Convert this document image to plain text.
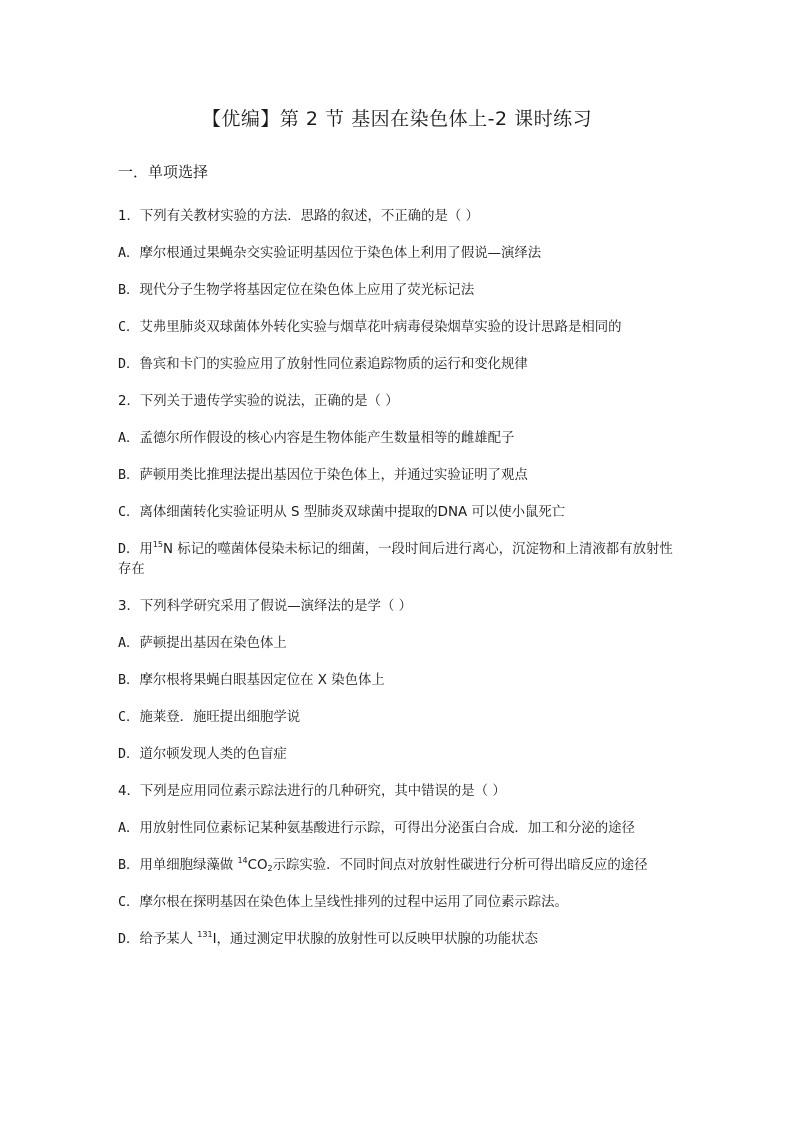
【优编】第 2 节 基因在染色体上-2 课时练习
一．单项选择

1．下列有关教材实验的方法．思路的叙述，不正确的是（ ）

A．摩尔根通过果蝇杂交实验证明基因位于染色体上利用了假说—演绎法

B．现代分子生物学将基因定位在染色体上应用了荧光标记法

C．艾弗里肺炎双球菌体外转化实验与烟草花叶病毒侵染烟草实验的设计思路是相同的

D．鲁宾和卡门的实验应用了放射性同位素追踪物质的运行和变化规律

2．下列关于遗传学实验的说法，正确的是（ ）

A．孟德尔所作假设的核心内容是生物体能产生数量相等的雌雄配子

B．萨顿用类比推理法提出基因位于染色体上，并通过实验证明了观点

C．离体细菌转化实验证明从 S 型肺炎双球菌中提取的DNA 可以使小鼠死亡

D．用$^{15}$N 标记的噬菌体侵染未标记的细菌，一段时间后进行离心，沉淀物和上清液都有放射性存在

3．下列科学研究采用了假说—演绎法的是学（ ）

A．萨顿提出基因在染色体上

B．摩尔根将果蝇白眼基因定位在 X 染色体上

C．施莱登．施旺提出细胞学说

D．道尔顿发现人类的色盲症

4．下列是应用同位素示踪法进行的几种研究，其中错误的是（ ）

A．用放射性同位素标记某种氨基酸进行示踪，可得出分泌蛋白合成．加工和分泌的途径

B．用单细胞绿藻做 $^{14}CO_2$示踪实验．不同时间点对放射性碳进行分析可得出暗反应的途径

C．摩尔根在探明基因在染色体上呈线性排列的过程中运用了同位素示踪法。

D．给予某人 $^{131}$I，通过测定甲状腺的放射性可以反映甲状腺的功能状态
